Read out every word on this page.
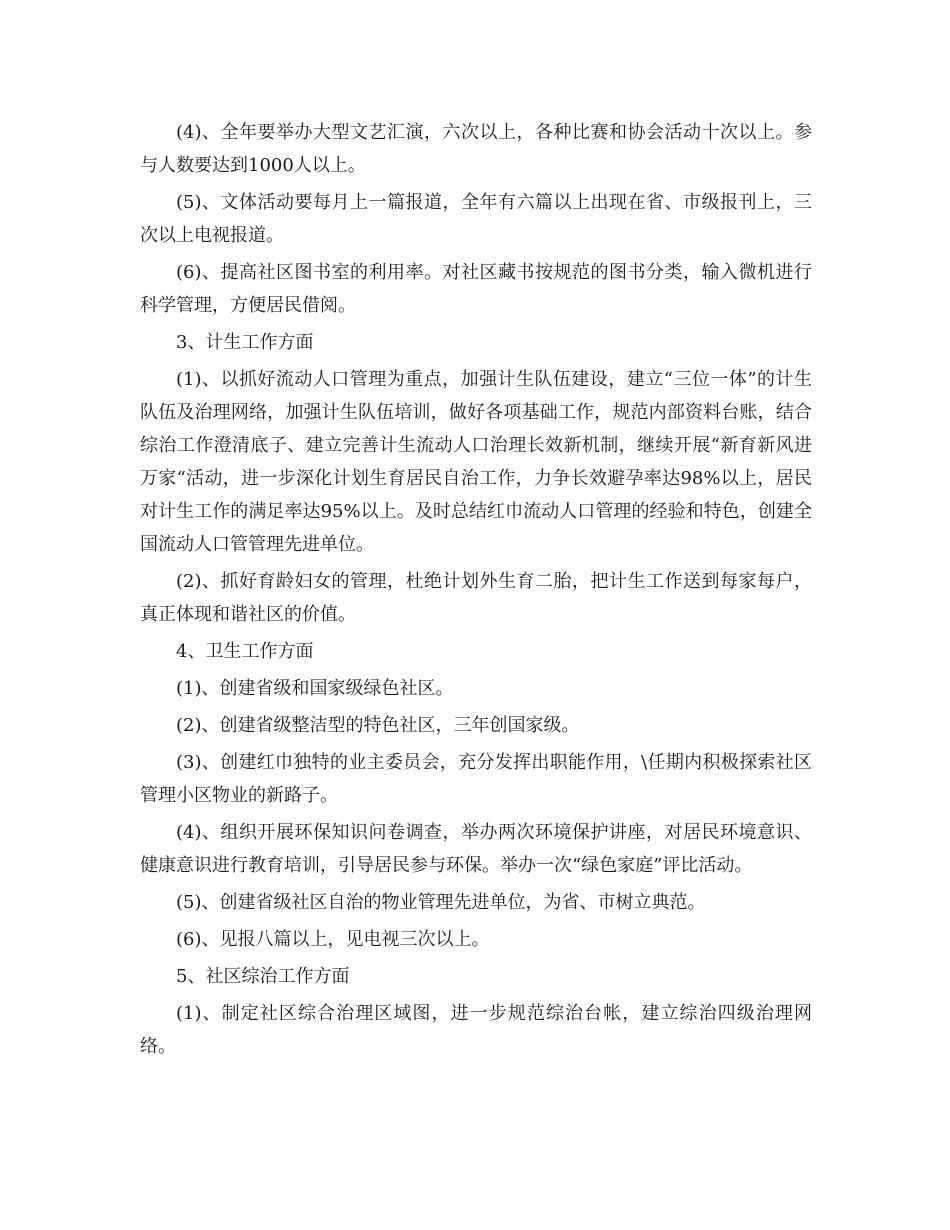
(4)、全年要举办大型文艺汇演，六次以上，各种比赛和协会活动十次以上。参与人数要达到1000人以上。

(5)、文体活动要每月上一篇报道，全年有六篇以上出现在省、市级报刊上，三次以上电视报道。

(6)、提高社区图书室的利用率。对社区藏书按规范的图书分类，输入微机进行科学管理，方便居民借阅。

3、计生工作方面

(1)、以抓好流动人口管理为重点，加强计生队伍建设，建立“三位一体”的计生队伍及治理网络，加强计生队伍培训，做好各项基础工作，规范内部资料台账，结合综治工作澄清底子、建立完善计生流动人口治理长效新机制，继续开展“新育新风进万家“活动，进一步深化计划生育居民自治工作，力争长效避孕率达98%以上，居民对计生工作的满足率达95%以上。及时总结红巾流动人口管理的经验和特色，创建全国流动人口管管理先进单位。

(2)、抓好育龄妇女的管理，杜绝计划外生育二胎，把计生工作送到每家每户，真正体现和谐社区的价值。

4、卫生工作方面

(1)、创建省级和国家级绿色社区。

(2)、创建省级整洁型的特色社区，三年创国家级。

(3)、创建红巾独特的业主委员会，充分发挥出职能作用，\任期内积极探索社区管理小区物业的新路子。

(4)、组织开展环保知识问卷调查，举办两次环境保护讲座，对居民环境意识、健康意识进行教育培训，引导居民参与环保。举办一次“绿色家庭”评比活动。

(5)、创建省级社区自治的物业管理先进单位，为省、市树立典范。

(6)、见报八篇以上，见电视三次以上。

5、社区综治工作方面

(1)、制定社区综合治理区域图，进一步规范综治台帐，建立综治四级治理网络。
